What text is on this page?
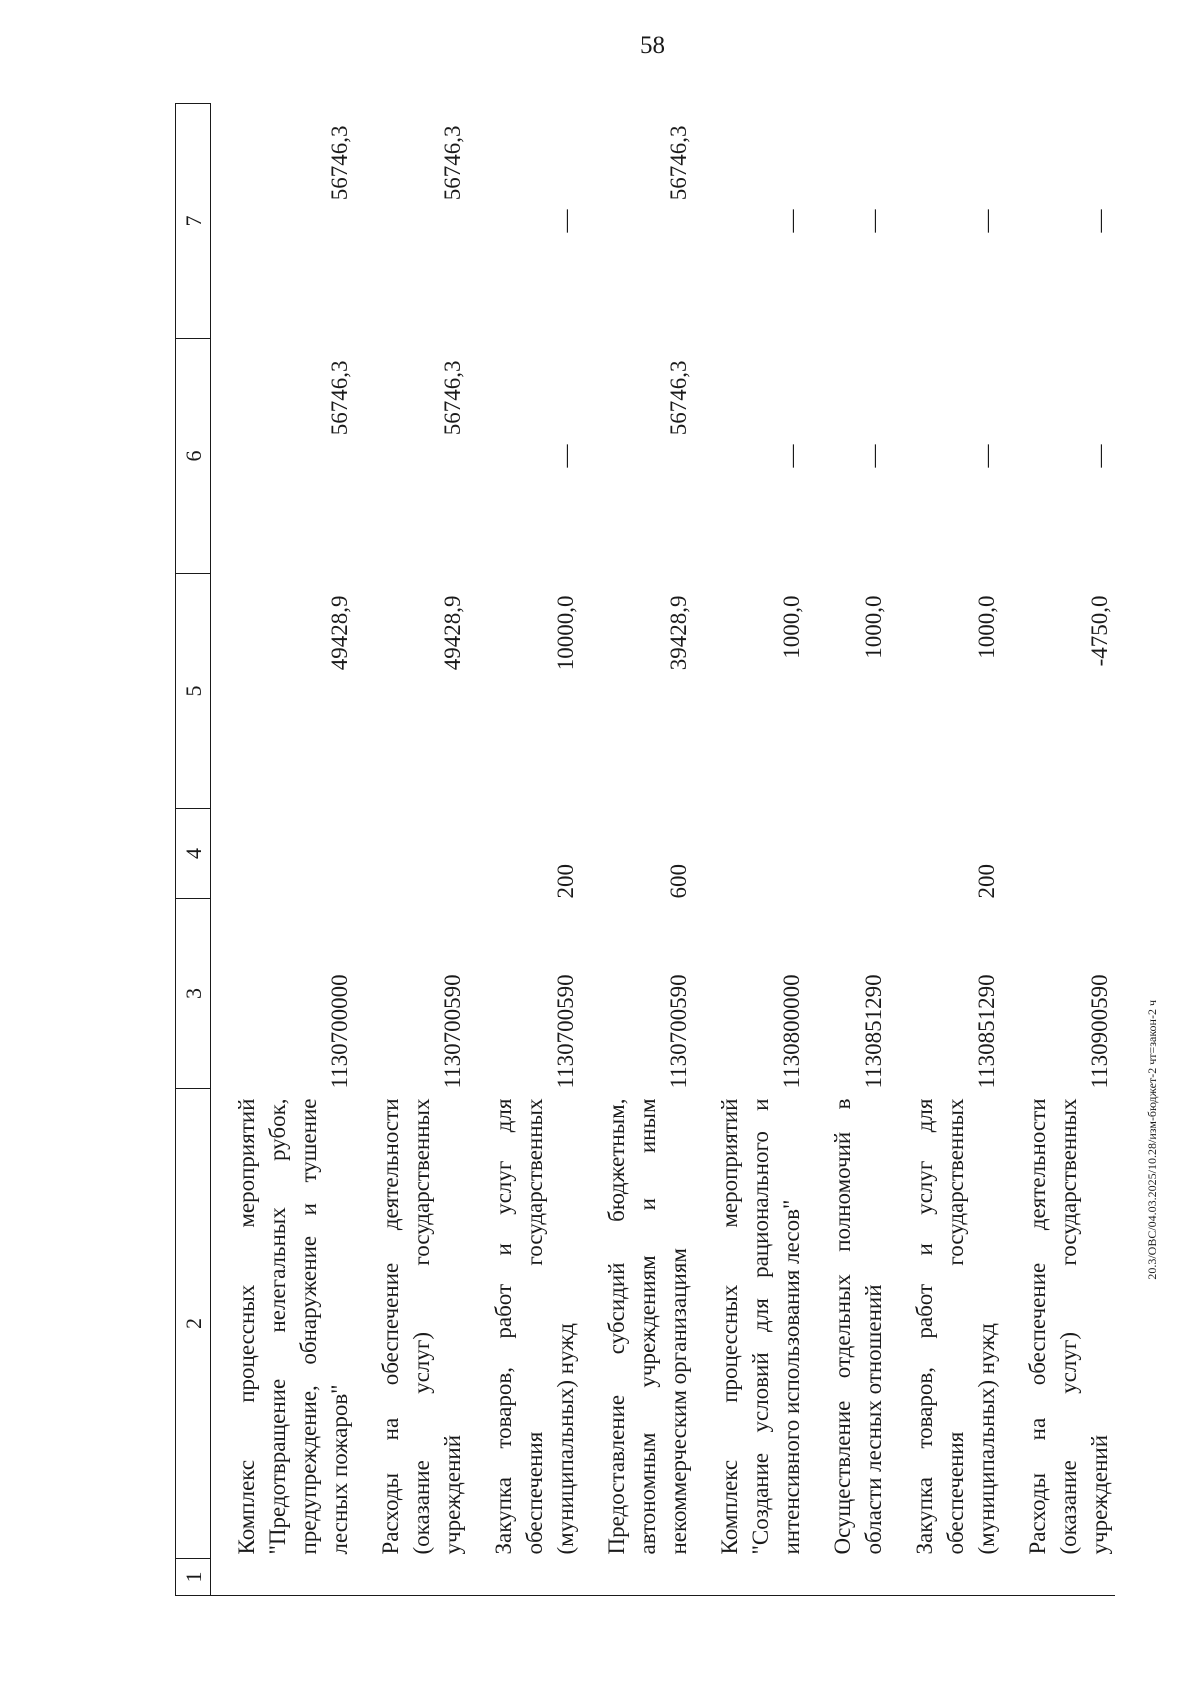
58
1	2	3	4	5	6	7
	Комплекс процессных мероприятий "Предотвращение нелегальных рубок, предупреждение, обнаружение и тушение лесных пожаров"	1130700000		49428,9	56746,3	56746,3
	Расходы на обеспечение деятельности (оказание услуг) государственных учреждений	1130700590		49428,9	56746,3	56746,3
	Закупка товаров, работ и услуг для обеспечения государственных (муниципальных) нужд	1130700590	200	10000,0	—	—
	Предоставление субсидий бюджетным, автономным учреждениям и иным некоммерческим организациям	1130700590	600	39428,9	56746,3	56746,3
	Комплекс процессных мероприятий "Создание условий для рационального и интенсивного использования лесов"	1130800000		1000,0	—	—
	Осуществление отдельных полномочий в области лесных отношений	1130851290		1000,0	—	—
	Закупка товаров, работ и услуг для обеспечения государственных (муниципальных) нужд	1130851290	200	1000,0	—	—
	Расходы на обеспечение деятельности (оказание услуг) государственных учреждений	1130900590		-4750,0	—	—
20.3/ОВС/04.03.2025/10.28/изм-бюджет-2 чт=закон-2 ч
